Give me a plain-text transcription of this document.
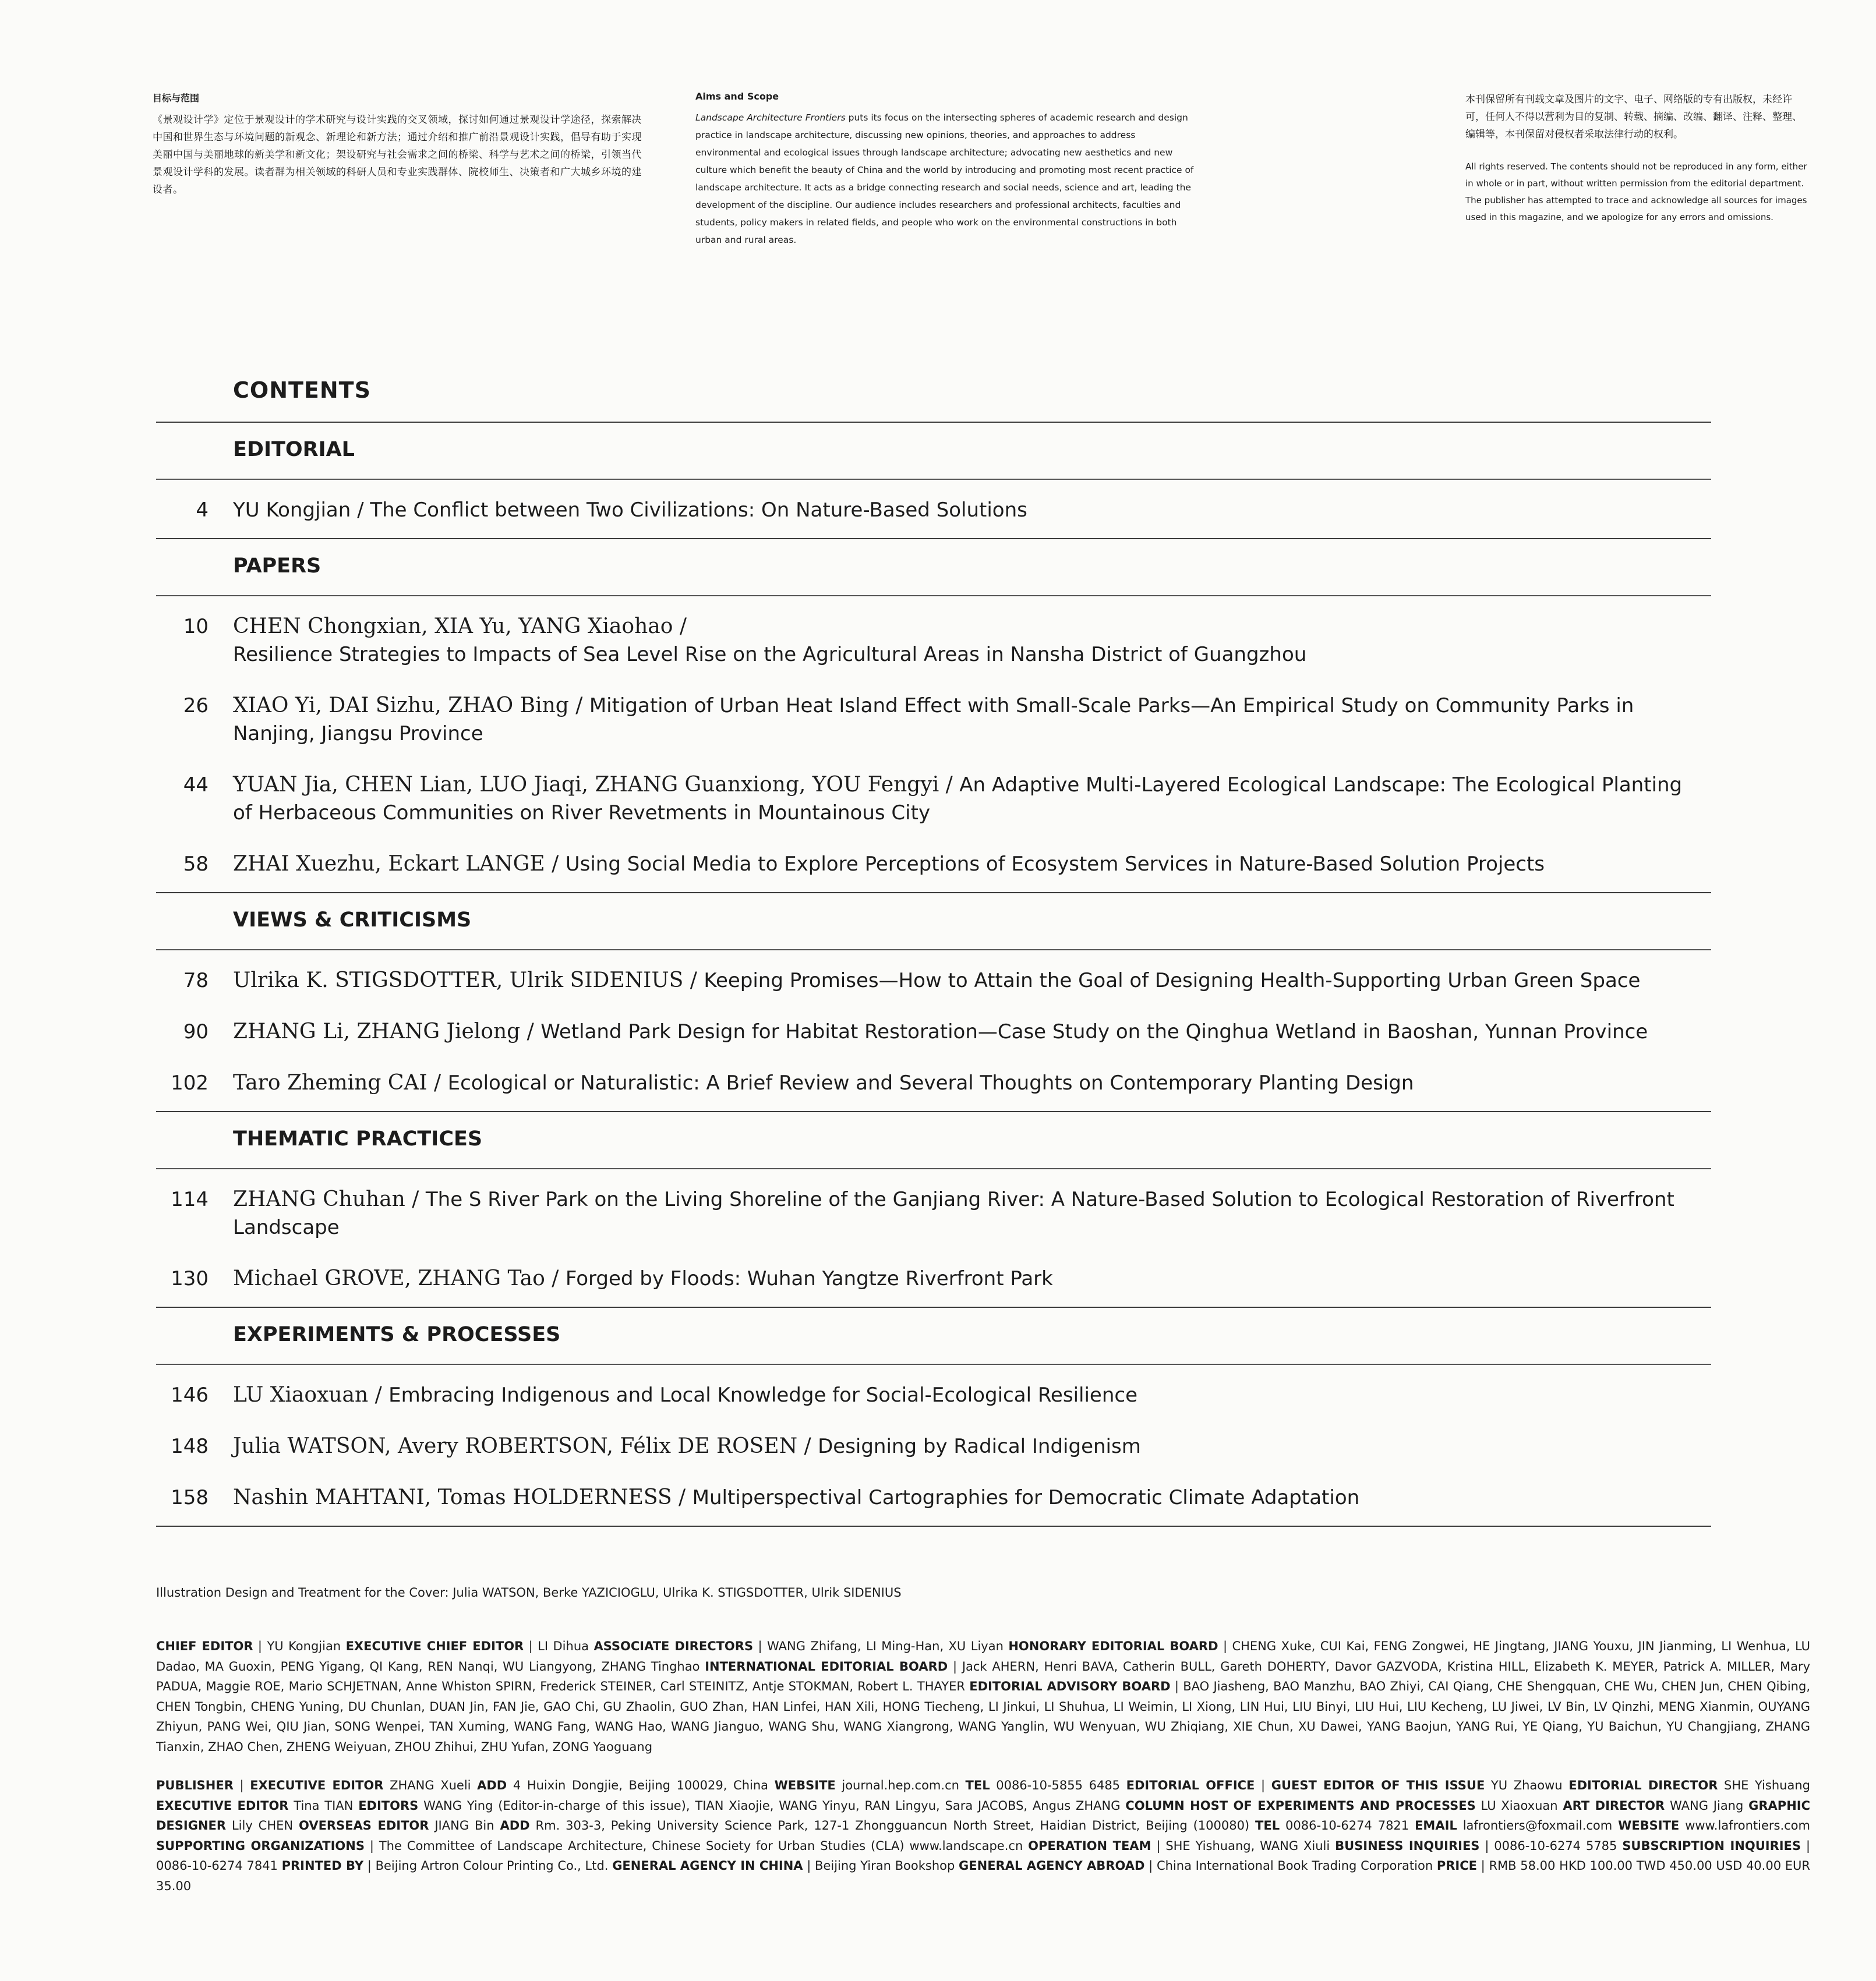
目标与范围

《景观设计学》定位于景观设计的学术研究与设计实践的交叉领域，探讨如何通过景观设计学途径，探索解决中国和世界生态与环境问题的新观念、新理论和新方法；通过介绍和推广前沿景观设计实践，倡导有助于实现美丽中国与美丽地球的新美学和新文化；架设研究与社会需求之间的桥梁、科学与艺术之间的桥梁，引领当代景观设计学科的发展。读者群为相关领域的科研人员和专业实践群体、院校师生、决策者和广大城乡环境的建设者。

Aims and Scope

Landscape Architecture Frontiers puts its focus on the intersecting spheres of academic research and design practice in landscape architecture, discussing new opinions, theories, and approaches to address environmental and ecological issues through landscape architecture; advocating new aesthetics and new culture which benefit the beauty of China and the world by introducing and promoting most recent practice of landscape architecture. It acts as a bridge connecting research and social needs, science and art, leading the development of the discipline. Our audience includes researchers and professional architects, faculties and students, policy makers in related fields, and people who work on the environmental constructions in both urban and rural areas.

本刊保留所有刊载文章及图片的文字、电子、网络版的专有出版权，未经许可，任何人不得以营利为目的复制、转载、摘编、改编、翻译、注释、整理、编辑等，本刊保留对侵权者采取法律行动的权利。

All rights reserved. The contents should not be reproduced in any form, either in whole or in part, without written permission from the editorial department. The publisher has attempted to trace and acknowledge all sources for images used in this magazine, and we apologize for any errors and omissions.

CONTENTS
EDITORIAL
4	YU Kongjian / The Conflict between Two Civilizations: On Nature-Based Solutions
PAPERS
10	CHEN Chongxian, XIA Yu, YANG Xiaohao /
Resilience Strategies to Impacts of Sea Level Rise on the Agricultural Areas in Nansha District of Guangzhou
26	XIAO Yi, DAI Sizhu, ZHAO Bing / Mitigation of Urban Heat Island Effect with Small-Scale Parks—An Empirical Study on Community Parks in Nanjing, Jiangsu Province
44	YUAN Jia, CHEN Lian, LUO Jiaqi, ZHANG Guanxiong, YOU Fengyi / An Adaptive Multi-Layered Ecological Landscape: The Ecological Planting of Herbaceous Communities on River Revetments in Mountainous City
58	ZHAI Xuezhu, Eckart LANGE / Using Social Media to Explore Perceptions of Ecosystem Services in Nature-Based Solution Projects
VIEWS & CRITICISMS
78	Ulrika K. STIGSDOTTER, Ulrik SIDENIUS / Keeping Promises—How to Attain the Goal of Designing Health-Supporting Urban Green Space
90	ZHANG Li, ZHANG Jielong / Wetland Park Design for Habitat Restoration—Case Study on the Qinghua Wetland in Baoshan, Yunnan Province
102	Taro Zheming CAI / Ecological or Naturalistic: A Brief Review and Several Thoughts on Contemporary Planting Design
THEMATIC PRACTICES
114	ZHANG Chuhan / The S River Park on the Living Shoreline of the Ganjiang River: A Nature-Based Solution to Ecological Restoration of Riverfront Landscape
130	Michael GROVE, ZHANG Tao / Forged by Floods: Wuhan Yangtze Riverfront Park
EXPERIMENTS & PROCESSES
146	LU Xiaoxuan / Embracing Indigenous and Local Knowledge for Social-Ecological Resilience
148	Julia WATSON, Avery ROBERTSON, Félix DE ROSEN / Designing by Radical Indigenism
158	Nashin MAHTANI, Tomas HOLDERNESS / Multiperspectival Cartographies for Democratic Climate Adaptation
Illustration Design and Treatment for the Cover: Julia WATSON, Berke YAZICIOGLU, Ulrika K. STIGSDOTTER, Ulrik SIDENIUS
CHIEF EDITOR | YU Kongjian EXECUTIVE CHIEF EDITOR | LI Dihua ASSOCIATE DIRECTORS | WANG Zhifang, LI Ming-Han, XU Liyan HONORARY EDITORIAL BOARD | CHENG Xuke, CUI Kai, FENG Zongwei, HE Jingtang, JIANG Youxu, JIN Jianming, LI Wenhua, LU Dadao, MA Guoxin, PENG Yigang, QI Kang, REN Nanqi, WU Liangyong, ZHANG Tinghao INTERNATIONAL EDITORIAL BOARD | Jack AHERN, Henri BAVA, Catherin BULL, Gareth DOHERTY, Davor GAZVODA, Kristina HILL, Elizabeth K. MEYER, Patrick A. MILLER, Mary PADUA, Maggie ROE, Mario SCHJETNAN, Anne Whiston SPIRN, Frederick STEINER, Carl STEINITZ, Antje STOKMAN, Robert L. THAYER EDITORIAL ADVISORY BOARD | BAO Jiasheng, BAO Manzhu, BAO Zhiyi, CAI Qiang, CHE Shengquan, CHE Wu, CHEN Jun, CHEN Qibing, CHEN Tongbin, CHENG Yuning, DU Chunlan, DUAN Jin, FAN Jie, GAO Chi, GU Zhaolin, GUO Zhan, HAN Linfei, HAN Xili, HONG Tiecheng, LI Jinkui, LI Shuhua, LI Weimin, LI Xiong, LIN Hui, LIU Binyi, LIU Hui, LIU Kecheng, LU Jiwei, LV Bin, LV Qinzhi, MENG Xianmin, OUYANG Zhiyun, PANG Wei, QIU Jian, SONG Wenpei, TAN Xuming, WANG Fang, WANG Hao, WANG Jianguo, WANG Shu, WANG Xiangrong, WANG Yanglin, WU Wenyuan, WU Zhiqiang, XIE Chun, XU Dawei, YANG Baojun, YANG Rui, YE Qiang, YU Baichun, YU Changjiang, ZHANG Tianxin, ZHAO Chen, ZHENG Weiyuan, ZHOU Zhihui, ZHU Yufan, ZONG Yaoguang
PUBLISHER | EXECUTIVE EDITOR ZHANG Xueli ADD 4 Huixin Dongjie, Beijing 100029, China WEBSITE journal.hep.com.cn TEL 0086-10-5855 6485 EDITORIAL OFFICE | GUEST EDITOR OF THIS ISSUE YU Zhaowu EDITORIAL DIRECTOR SHE Yishuang EXECUTIVE EDITOR Tina TIAN EDITORS WANG Ying (Editor-in-charge of this issue), TIAN Xiaojie, WANG Yinyu, RAN Lingyu, Sara JACOBS, Angus ZHANG COLUMN HOST OF EXPERIMENTS AND PROCESSES LU Xiaoxuan ART DIRECTOR WANG Jiang GRAPHIC DESIGNER Lily CHEN OVERSEAS EDITOR JIANG Bin ADD Rm. 303-3, Peking University Science Park, 127-1 Zhongguancun North Street, Haidian District, Beijing (100080) TEL 0086-10-6274 7821 EMAIL lafrontiers@foxmail.com WEBSITE www.lafrontiers.com SUPPORTING ORGANIZATIONS | The Committee of Landscape Architecture, Chinese Society for Urban Studies (CLA) www.landscape.cn OPERATION TEAM | SHE Yishuang, WANG Xiuli BUSINESS INQUIRIES | 0086-10-6274 5785 SUBSCRIPTION INQUIRIES | 0086-10-6274 7841 PRINTED BY | Beijing Artron Colour Printing Co., Ltd. GENERAL AGENCY IN CHINA | Beijing Yiran Bookshop GENERAL AGENCY ABROAD | China International Book Trading Corporation PRICE | RMB 58.00 HKD 100.00 TWD 450.00 USD 40.00 EUR 35.00
